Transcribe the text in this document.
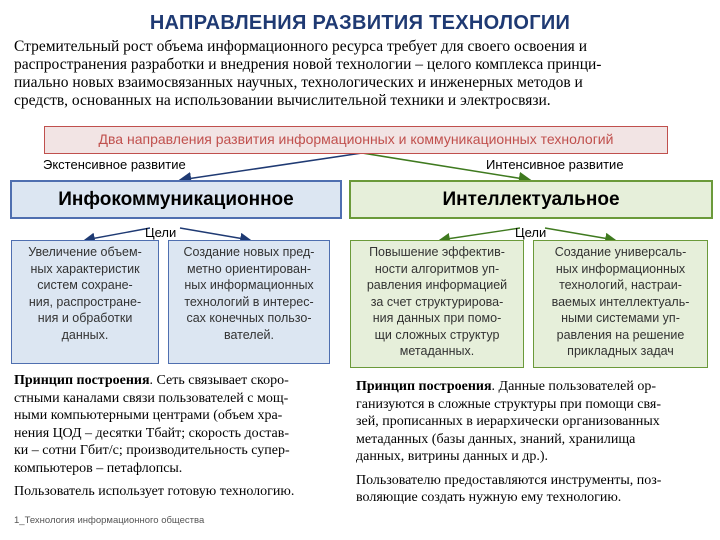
НАПРАВЛЕНИЯ РАЗВИТИЯ ТЕХНОЛОГИИ
Стремительный рост объема информационного ресурса требует для своего освоения и
распространения разработки и внедрения новой технологии – целого комплекса принци-
пиально новых взаимосвязанных научных, технологических и инженерных методов и
средств, основанных на использовании вычислительной техники и электросвязи.
Два направления развития информационных и коммуникационных технологий
Экстенсивное развитие	Интенсивное развитие
Инфокоммуникационное	Интеллектуальное
Цели	Цели
Увеличение объем-
ных характеристик
систем сохране-
ния, распростране-
ния и обработки
данных.
Создание новых пред-
метно ориентирован-
ных информационных
технологий в интерес-
сах конечных пользо-
вателей.
Повышение эффектив-
ности алгоритмов уп-
равления информацией
за счет структурирова-
ния данных при помо-
щи сложных структур
метаданных.
Создание универсаль-
ных информационных
технологий, настраи-
ваемых интеллектуаль-
ными системами уп-
равления на решение
прикладных задач
Принцип построения. Сеть связывает скоро-
стными каналами связи пользователей с мощ-
ными компьютерными центрами (объем хра-
нения ЦОД – десятки Тбайт; скорость достав-
ки – сотни Гбит/с; производительность супер-
компьютеров – петафлопсы.
Пользователь использует готовую технологию.
Принцип построения. Данные пользователей ор-
ганизуются в сложные структуры при помощи свя-
зей, прописанных в иерархически организованных
метаданных (базы данных, знаний, хранилища
данных, витрины данных и др.).
Пользователю предоставляются инструменты, поз-
воляющие создать нужную ему технологию.
1_Технология информационного общества
